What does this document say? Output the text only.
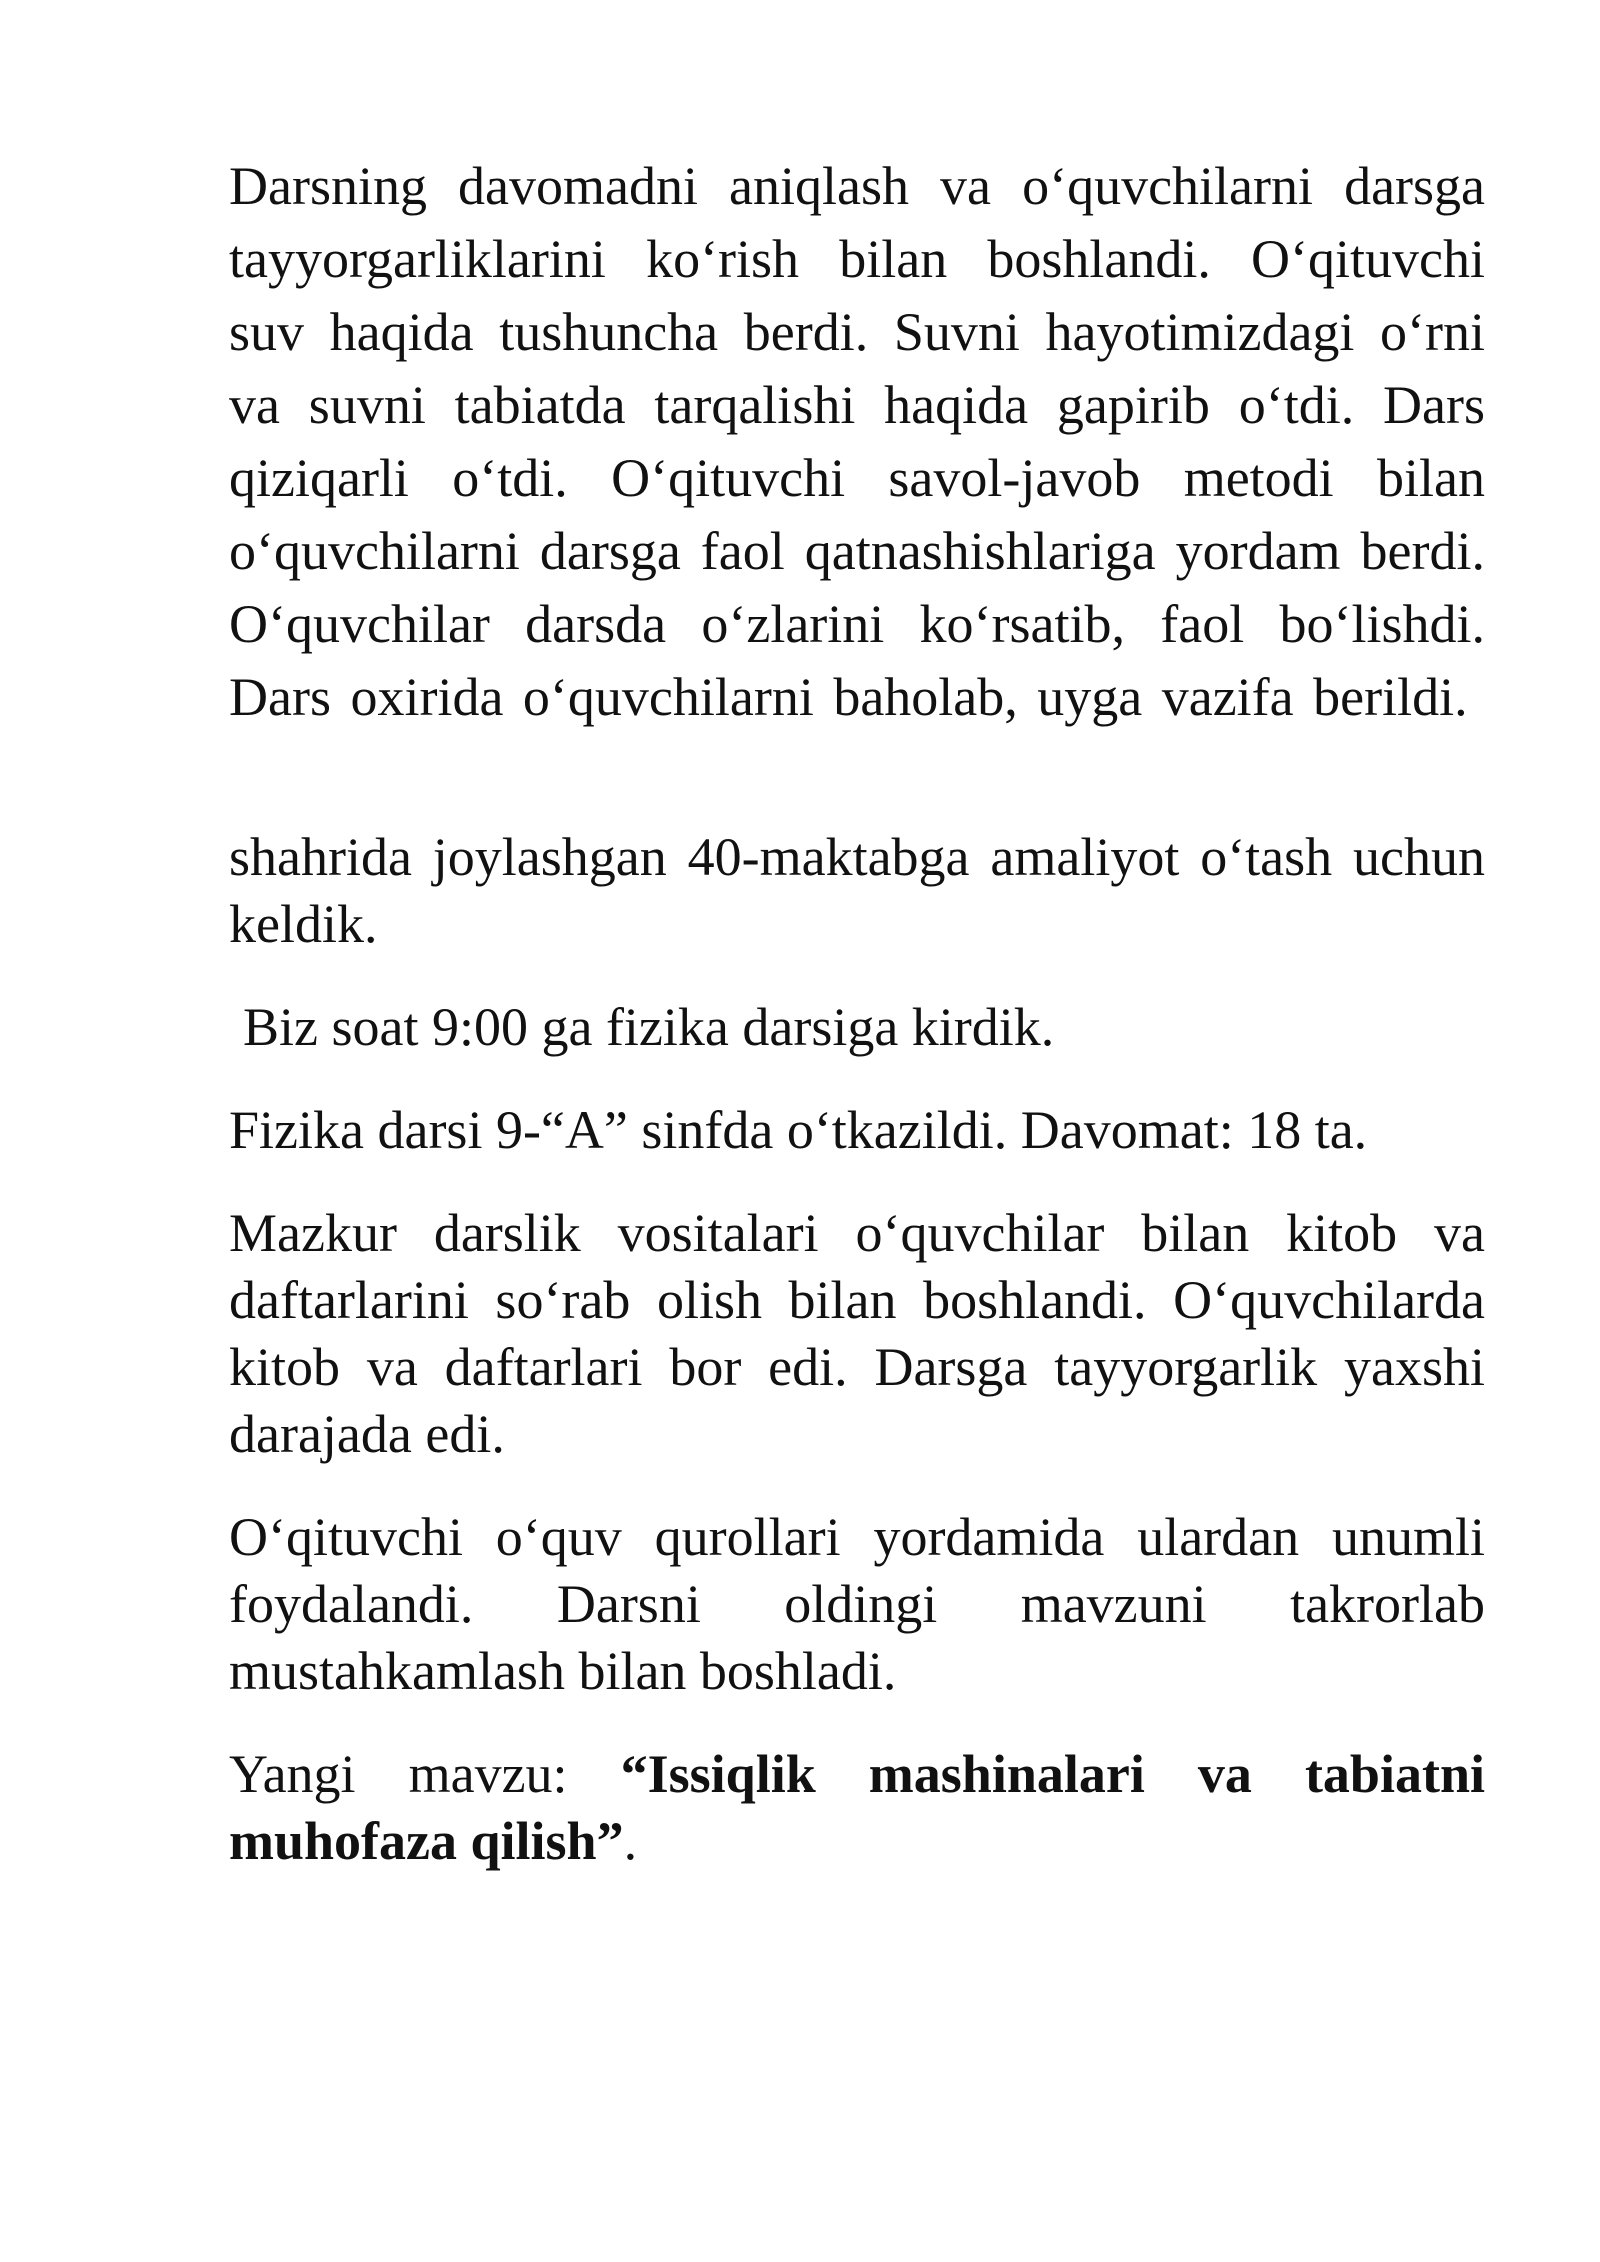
Darsning davomadni aniqlash va o‘quvchilarni darsga tayyorgarliklarini ko‘rish bilan boshlandi. O‘qituvchi suv haqida tushuncha berdi. Suvni hayotimizdagi o‘rni va suvni tabiatda tarqalishi haqida gapirib o‘tdi. Dars qiziqarli o‘tdi. O‘qituvchi savol-javob metodi bilan o‘quvchilarni darsga faol qatnashishlariga yordam berdi. O‘quvchilar darsda o‘zlarini ko‘rsatib, faol bo‘lishdi. Dars oxirida o‘quvchilarni baholab, uyga vazifa berildi.

shahrida joylashgan 40-maktabga amaliyot o‘tash uchun keldik.

Biz soat 9:00 ga fizika darsiga kirdik.

Fizika darsi 9-“A” sinfda o‘tkazildi. Davomat: 18 ta.

Mazkur darslik vositalari o‘quvchilar bilan kitob va daftarlarini so‘rab olish bilan boshlandi. O‘quvchilarda kitob va daftarlari bor edi. Darsga tayyorgarlik yaxshi darajada edi.

O‘qituvchi o‘quv qurollari yordamida ulardan unumli foydalandi. Darsni oldingi mavzuni takrorlab mustahkamlash bilan boshladi.

Yangi mavzu: “Issiqlik mashinalari va tabiatni muhofaza qilish”.
